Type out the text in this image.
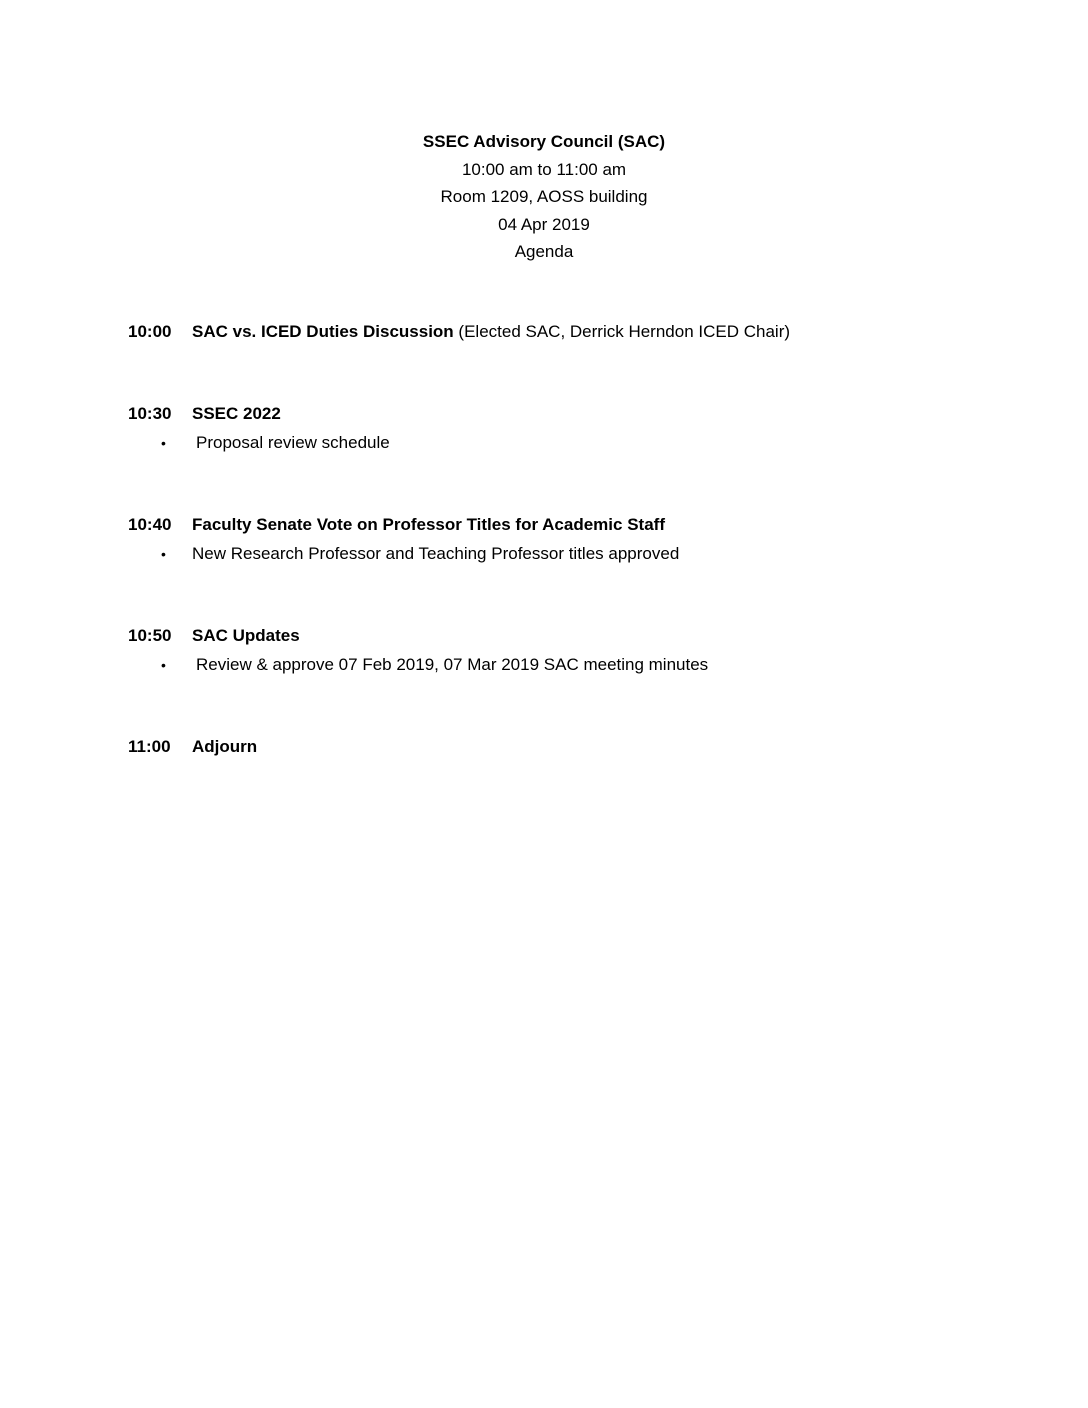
SSEC Advisory Council (SAC)
10:00 am to 11:00 am
Room 1209, AOSS building
04 Apr 2019
Agenda
10:00	SAC vs. ICED Duties Discussion (Elected SAC, Derrick Herndon ICED Chair)
10:30	SSEC 2022
• Proposal review schedule
10:40	Faculty Senate Vote on Professor Titles for Academic Staff
• New Research Professor and Teaching Professor titles approved
10:50	SAC Updates
• Review & approve 07 Feb 2019, 07 Mar 2019 SAC meeting minutes
11:00	Adjourn
